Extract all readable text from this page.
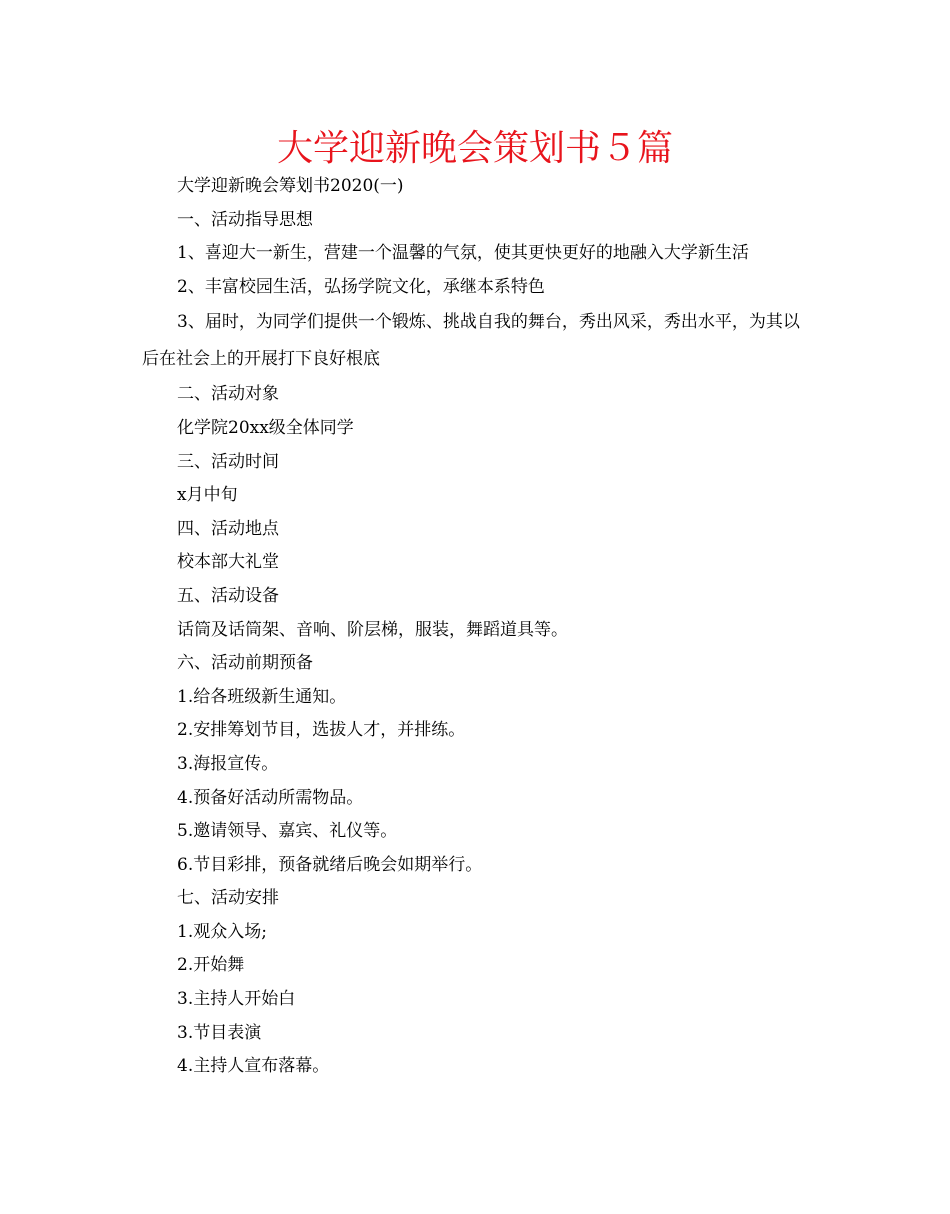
大学迎新晚会策划书５篇

大学迎新晚会筹划书2020(一)

一、活动指导思想

1、喜迎大一新生，营建一个温馨的气氛，使其更快更好的地融入大学新生活

2、丰富校园生活，弘扬学院文化，承继本系特色

3、届时，为同学们提供一个锻炼、挑战自我的舞台，秀出风采，秀出水平，为其以后在社会上的开展打下良好根底

二、活动对象

化学院20xx级全体同学

三、活动时间

x月中旬

四、活动地点

校本部大礼堂

五、活动设备

话筒及话筒架、音响、阶层梯，服装，舞蹈道具等。

六、活动前期预备

1.给各班级新生通知。

2.安排筹划节目，选拔人才，并排练。

3.海报宣传。

4.预备好活动所需物品。

5.邀请领导、嘉宾、礼仪等。

6.节目彩排，预备就绪后晚会如期举行。

七、活动安排

1.观众入场;

2.开始舞

3.主持人开始白

3.节目表演

4.主持人宣布落幕。
